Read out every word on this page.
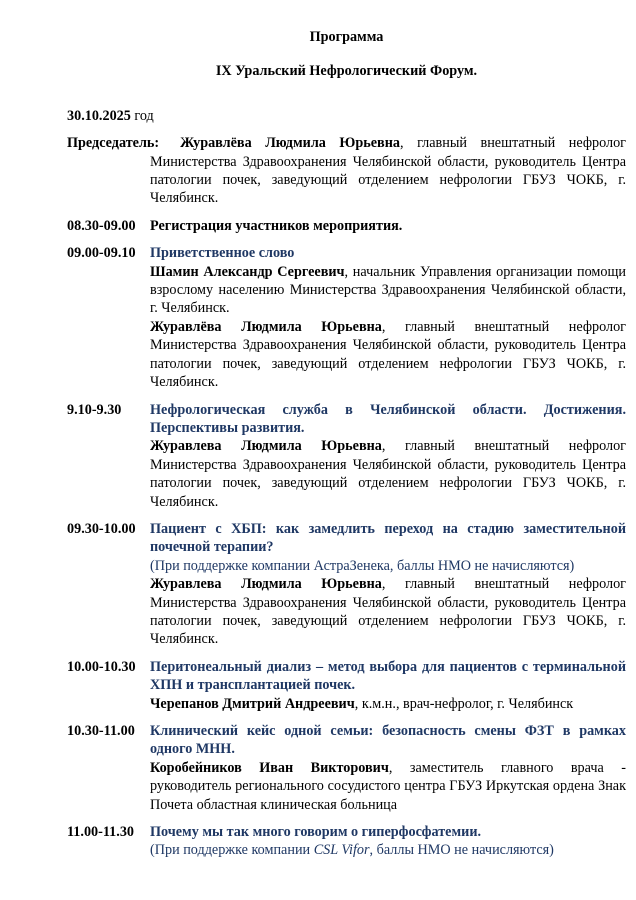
Программа

IX Уральский Нефрологический Форум.

30.10.2025 год

Председатель: Журавлёва Людмила Юрьевна, главный внештатный нефролог Министерства Здравоохранения Челябинской области, руководитель Центра патологии почек, заведующий отделением нефрологии ГБУЗ ЧОКБ, г. Челябинск.

08.30-09.00	Регистрация участников мероприятия.
09.00-09.10	Приветственное слово
Шамин Александр Сергеевич, начальник Управления организации помощи взрослому населению Министерства Здравоохранения Челябинской области, г. Челябинск.
Журавлёва Людмила Юрьевна, главный внештатный нефролог Министерства Здравоохранения Челябинской области, руководитель Центра патологии почек, заведующий отделением нефрологии ГБУЗ ЧОКБ, г. Челябинск.
9.10-9.30	Нефрологическая служба в Челябинской области. Достижения. Перспективы развития.
Журавлева Людмила Юрьевна, главный внештатный нефролог Министерства Здравоохранения Челябинской области, руководитель Центра патологии почек, заведующий отделением нефрологии ГБУЗ ЧОКБ, г. Челябинск.
09.30-10.00	Пациент с ХБП: как замедлить переход на стадию заместительной почечной терапии?
(При поддержке компании АстраЗенека, баллы НМО не начисляются)
Журавлева Людмила Юрьевна, главный внештатный нефролог Министерства Здравоохранения Челябинской области, руководитель Центра патологии почек, заведующий отделением нефрологии ГБУЗ ЧОКБ, г. Челябинск.
10.00-10.30	Перитонеальный диализ – метод выбора для пациентов с терминальной ХПН и трансплантацией почек.
Черепанов Дмитрий Андреевич, к.м.н., врач-нефролог, г. Челябинск
10.30-11.00	Клинический кейс одной семьи: безопасность смены ФЗТ в рамках одного МНН.
Коробейников Иван Викторович, заместитель главного врача - руководитель регионального сосудистого центра ГБУЗ Иркутская ордена Знак Почета областная клиническая больница
11.00-11.30	Почему мы так много говорим о гиперфосфатемии.
(При поддержке компании CSL Vifor, баллы НМО не начисляются)
